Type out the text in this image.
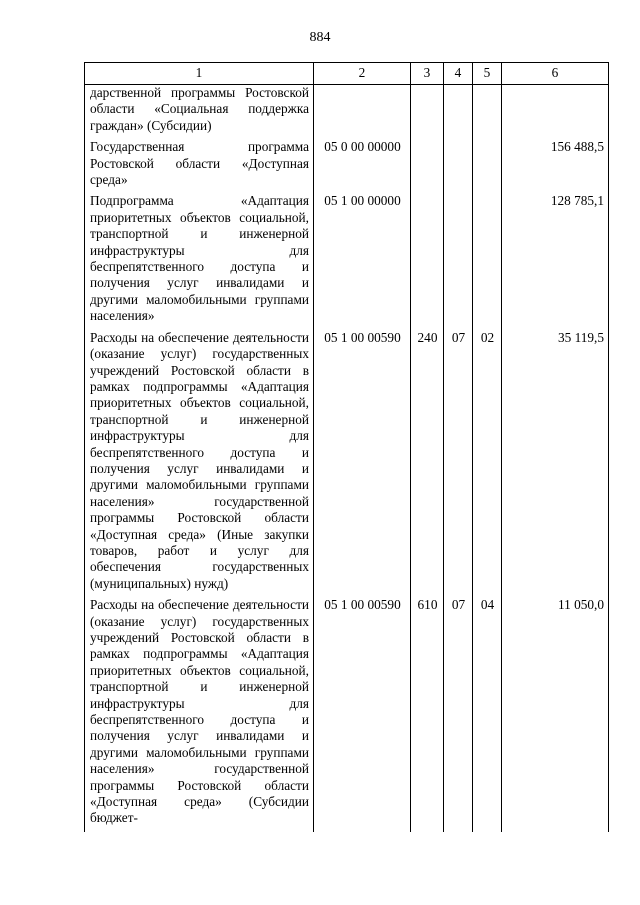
884
1	2	3	4	5	6
дарственной программы Ростовской области «Социальная поддержка граждан» (Субсидии)					
Государственная программа Ростовской области «Доступная среда»	05 0 00 00000				156 488,5
Подпрограмма «Адаптация приоритетных объектов социальной, транспортной и инженерной инфраструктуры для беспрепятственного доступа и получения услуг инвалидами и другими маломобильными группами населения»	05 1 00 00000				128 785,1
Расходы на обеспечение деятельности (оказание услуг) государственных учреждений Ростовской области в рамках подпрограммы «Адаптация приоритетных объектов социальной, транспортной и инженерной инфраструктуры для беспрепятственного доступа и получения услуг инвалидами и другими маломобильными группами населения» государственной программы Ростовской области «Доступная среда» (Иные закупки товаров, работ и услуг для обеспечения государственных (муниципальных) нужд)	05 1 00 00590	240	07	02	35 119,5
Расходы на обеспечение деятельности (оказание услуг) государственных учреждений Ростовской области в рамках подпрограммы «Адаптация приоритетных объектов социальной, транспортной и инженерной инфраструктуры для беспрепятственного доступа и получения услуг инвалидами и другими маломобильными группами населения» государственной программы Ростовской области «Доступная среда» (Субсидии бюджет-	05 1 00 00590	610	07	04	11 050,0
